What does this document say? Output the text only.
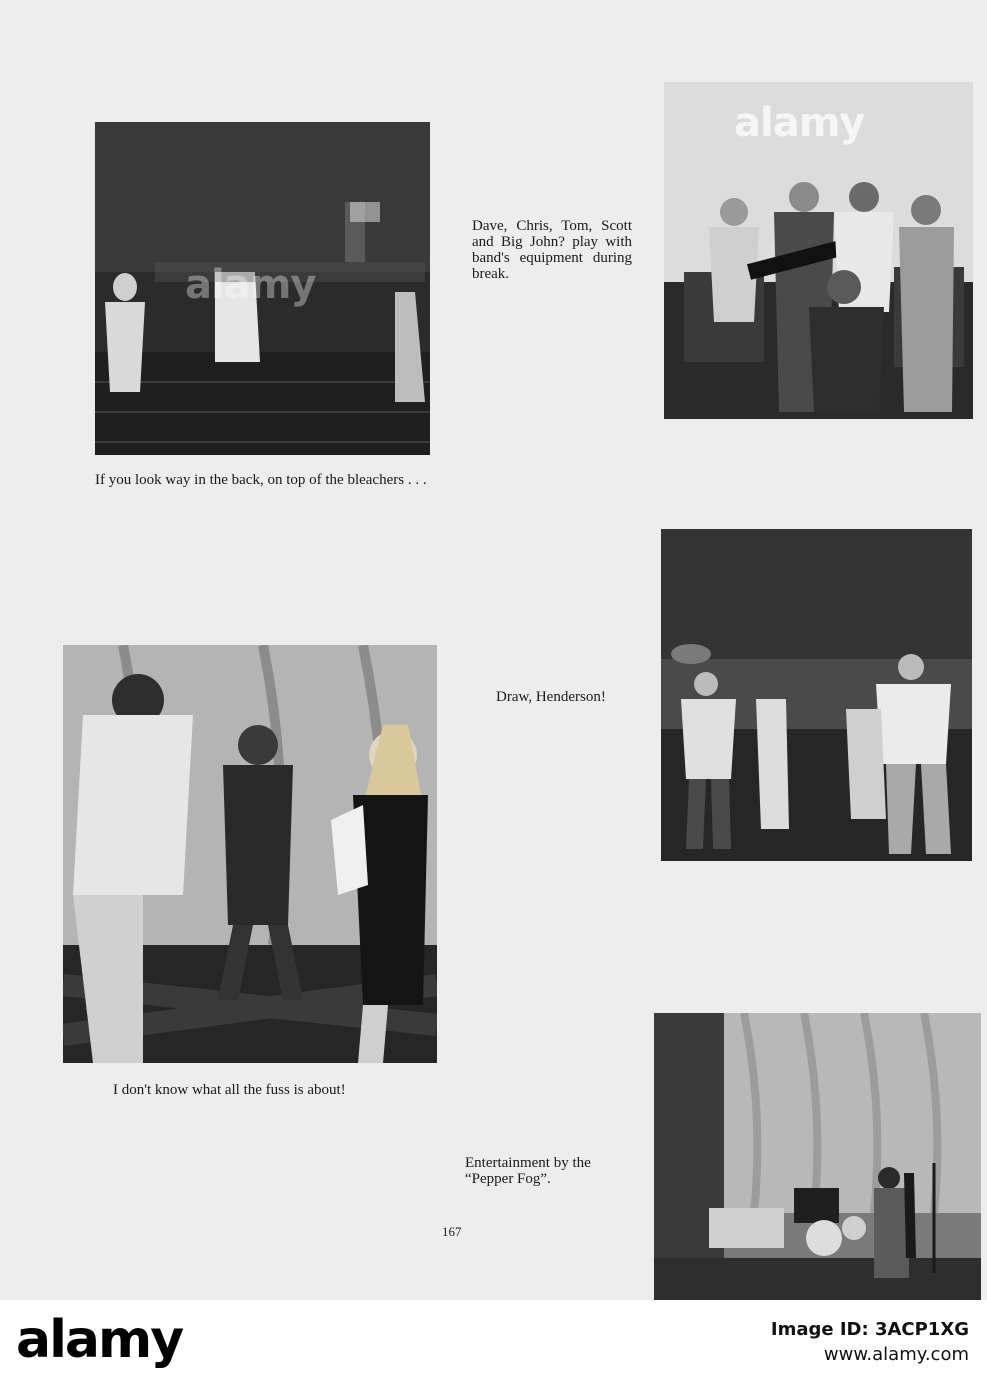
alamy
If you look way in the back, on top of the bleachers . . .
Dave, Chris, Tom, Scott and Big John? play with band's equipment during break.
alamy
Draw, Henderson!
I don't know what all the fuss is about!
Entertainment by the
“Pepper Fog”.
167
alamy	Image ID: 3ACP1XG
www.alamy.com
